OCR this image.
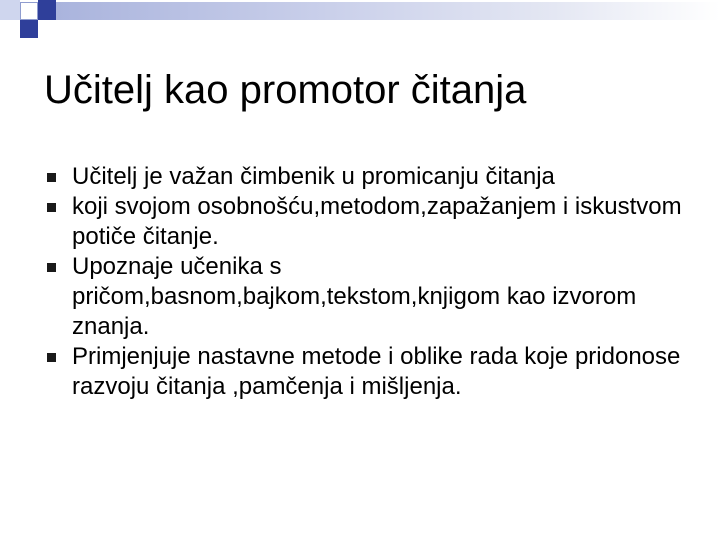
Učitelj kao promotor čitanja
Učitelj je važan čimbenik u promicanju čitanja
koji svojom osobnošću,metodom,zapažanjem i iskustvom potiče čitanje.
Upoznaje učenika s pričom,basnom,bajkom,tekstom,knjigom kao izvorom znanja.
Primjenjuje nastavne metode i oblike rada koje pridonose razvoju čitanja ,pamčenja i mišljenja.
